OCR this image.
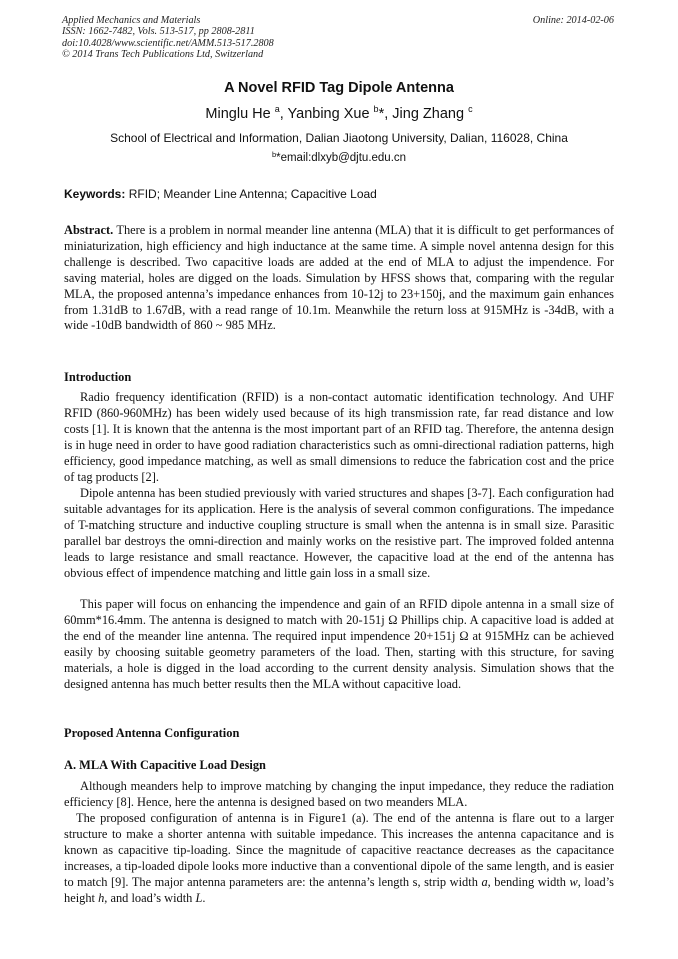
Applied Mechanics and Materials
ISSN: 1662-7482, Vols. 513-517, pp 2808-2811
doi:10.4028/www.scientific.net/AMM.513-517.2808
© 2014 Trans Tech Publications Ltd, Switzerland
Online: 2014-02-06
A Novel RFID Tag Dipole Antenna
Minglu He $^a$, Yanbing Xue $^b$*, Jing Zhang $^c$
School of Electrical and Information, Dalian Jiaotong University, Dalian, 116028, China
$^b$*email:dlxyb@djtu.edu.cn
Keywords: RFID; Meander Line Antenna; Capacitive Load
Abstract. There is a problem in normal meander line antenna (MLA) that it is difficult to get performances of miniaturization, high efficiency and high inductance at the same time. A simple novel antenna design for this challenge is described. Two capacitive loads are added at the end of MLA to adjust the impendence. For saving material, holes are digged on the loads. Simulation by HFSS shows that, comparing with the regular MLA, the proposed antenna’s impedance enhances from 10-12j to 23+150j, and the maximum gain enhances from 1.31dB to 1.67dB, with a read range of 10.1m. Meanwhile the return loss at 915MHz is -34dB, with a wide -10dB bandwidth of 860 ~ 985 MHz.
Introduction
Radio frequency identification (RFID) is a non-contact automatic identification technology. And UHF RFID (860-960MHz) has been widely used because of its high transmission rate, far read distance and low costs [1]. It is known that the antenna is the most important part of an RFID tag. Therefore, the antenna design is in huge need in order to have good radiation characteristics such as omni-directional radiation patterns, high efficiency, good impedance matching, as well as small dimensions to reduce the fabrication cost and the price of tag products [2].
Dipole antenna has been studied previously with varied structures and shapes [3-7]. Each configuration had suitable advantages for its application. Here is the analysis of several common configurations. The impedance of T-matching structure and inductive coupling structure is small when the antenna is in small size. Parasitic parallel bar destroys the omni-direction and mainly works on the resistive part. The improved folded antenna leads to large resistance and small reactance. However, the capacitive load at the end of the antenna has obvious effect of impendence matching and little gain loss in a small size.
This paper will focus on enhancing the impendence and gain of an RFID dipole antenna in a small size of 60mm*16.4mm. The antenna is designed to match with 20-151j Ω Phillips chip. A capacitive load is added at the end of the meander line antenna. The required input impendence 20+151j Ω at 915MHz can be achieved easily by choosing suitable geometry parameters of the load. Then, starting with this structure, for saving materials, a hole is digged in the load according to the current density analysis. Simulation shows that the designed antenna has much better results then the MLA without capacitive load.
Proposed Antenna Configuration
A. MLA With Capacitive Load Design
Although meanders help to improve matching by changing the input impedance, they reduce the radiation efficiency [8]. Hence, here the antenna is designed based on two meanders MLA.
The proposed configuration of antenna is in Figure1 (a). The end of the antenna is flare out to a larger structure to make a shorter antenna with suitable impedance. This increases the antenna capacitance and is known as capacitive tip-loading. Since the magnitude of capacitive reactance decreases as the capacitance increases, a tip-loaded dipole looks more inductive than a conventional dipole of the same length, and is easier to match [9]. The major antenna parameters are: the antenna’s length s, strip width a, bending width w, load’s height h, and load’s width L.
